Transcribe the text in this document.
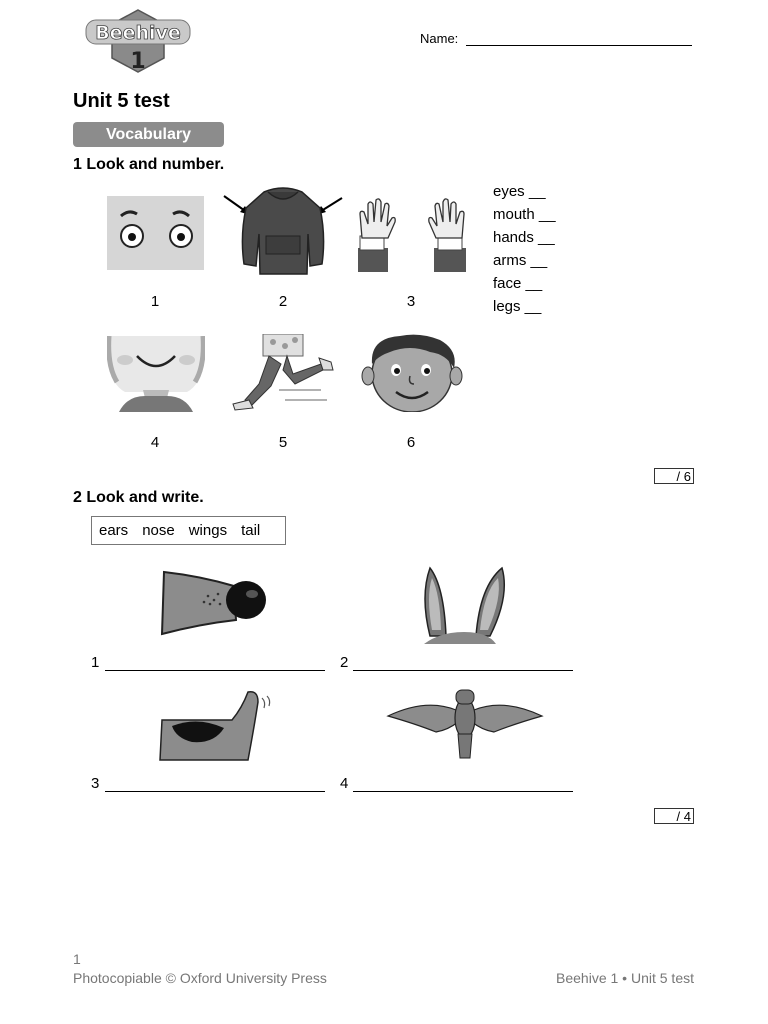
Beehive
1
Name:
Unit 5 test
Vocabulary
1 Look and number.
1	2	3
4	5	6
eyes __
mouth __
hands __
arms __
face __
legs __
/ 6
2 Look and write.
ears nose wings tail
1	2
3	4
/ 4
1
Photocopiable © Oxford University Press	Beehive 1 • Unit 5 test
